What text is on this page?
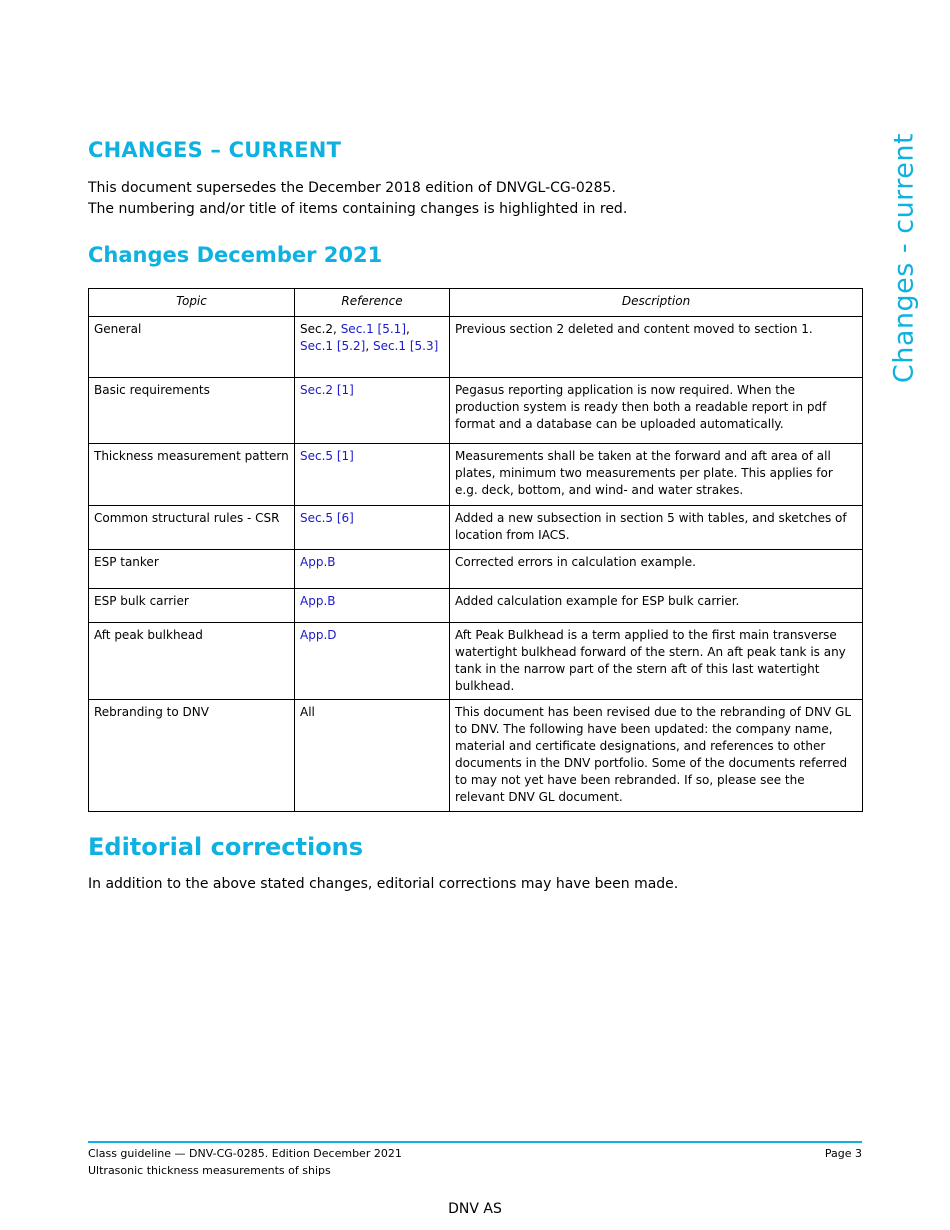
CHANGES – CURRENT
This document supersedes the December 2018 edition of DNVGL-CG-0285.
The numbering and/or title of items containing changes is highlighted in red.	Changes - current
Changes December 2021
Topic	Reference	Description
General	Sec.2, Sec.1 [5.1], Sec.1 [5.2], Sec.1 [5.3]	Previous section 2 deleted and content moved to section 1.
Basic requirements	Sec.2 [1]	Pegasus reporting application is now required. When the production system is ready then both a readable report in pdf format and a database can be uploaded automatically.
Thickness measurement pattern	Sec.5 [1]	Measurements shall be taken at the forward and aft area of all plates, minimum two measurements per plate. This applies for e.g. deck, bottom, and wind- and water strakes.
Common structural rules - CSR	Sec.5 [6]	Added a new subsection in section 5 with tables, and sketches of location from IACS.
ESP tanker	App.B	Corrected errors in calculation example.
ESP bulk carrier	App.B	Added calculation example for ESP bulk carrier.
Aft peak bulkhead	App.D	Aft Peak Bulkhead is a term applied to the first main transverse watertight bulkhead forward of the stern. An aft peak tank is any tank in the narrow part of the stern aft of this last watertight bulkhead.
Rebranding to DNV	All	This document has been revised due to the rebranding of DNV GL to DNV. The following have been updated: the company name, material and certificate designations, and references to other documents in the DNV portfolio. Some of the documents referred to may not yet have been rebranded. If so, please see the relevant DNV GL document.
Editorial corrections
In addition to the above stated changes, editorial corrections may have been made.
Class guideline — DNV-CG-0285. Edition December 2021
Ultrasonic thickness measurements of ships
Page 3
DNV AS
